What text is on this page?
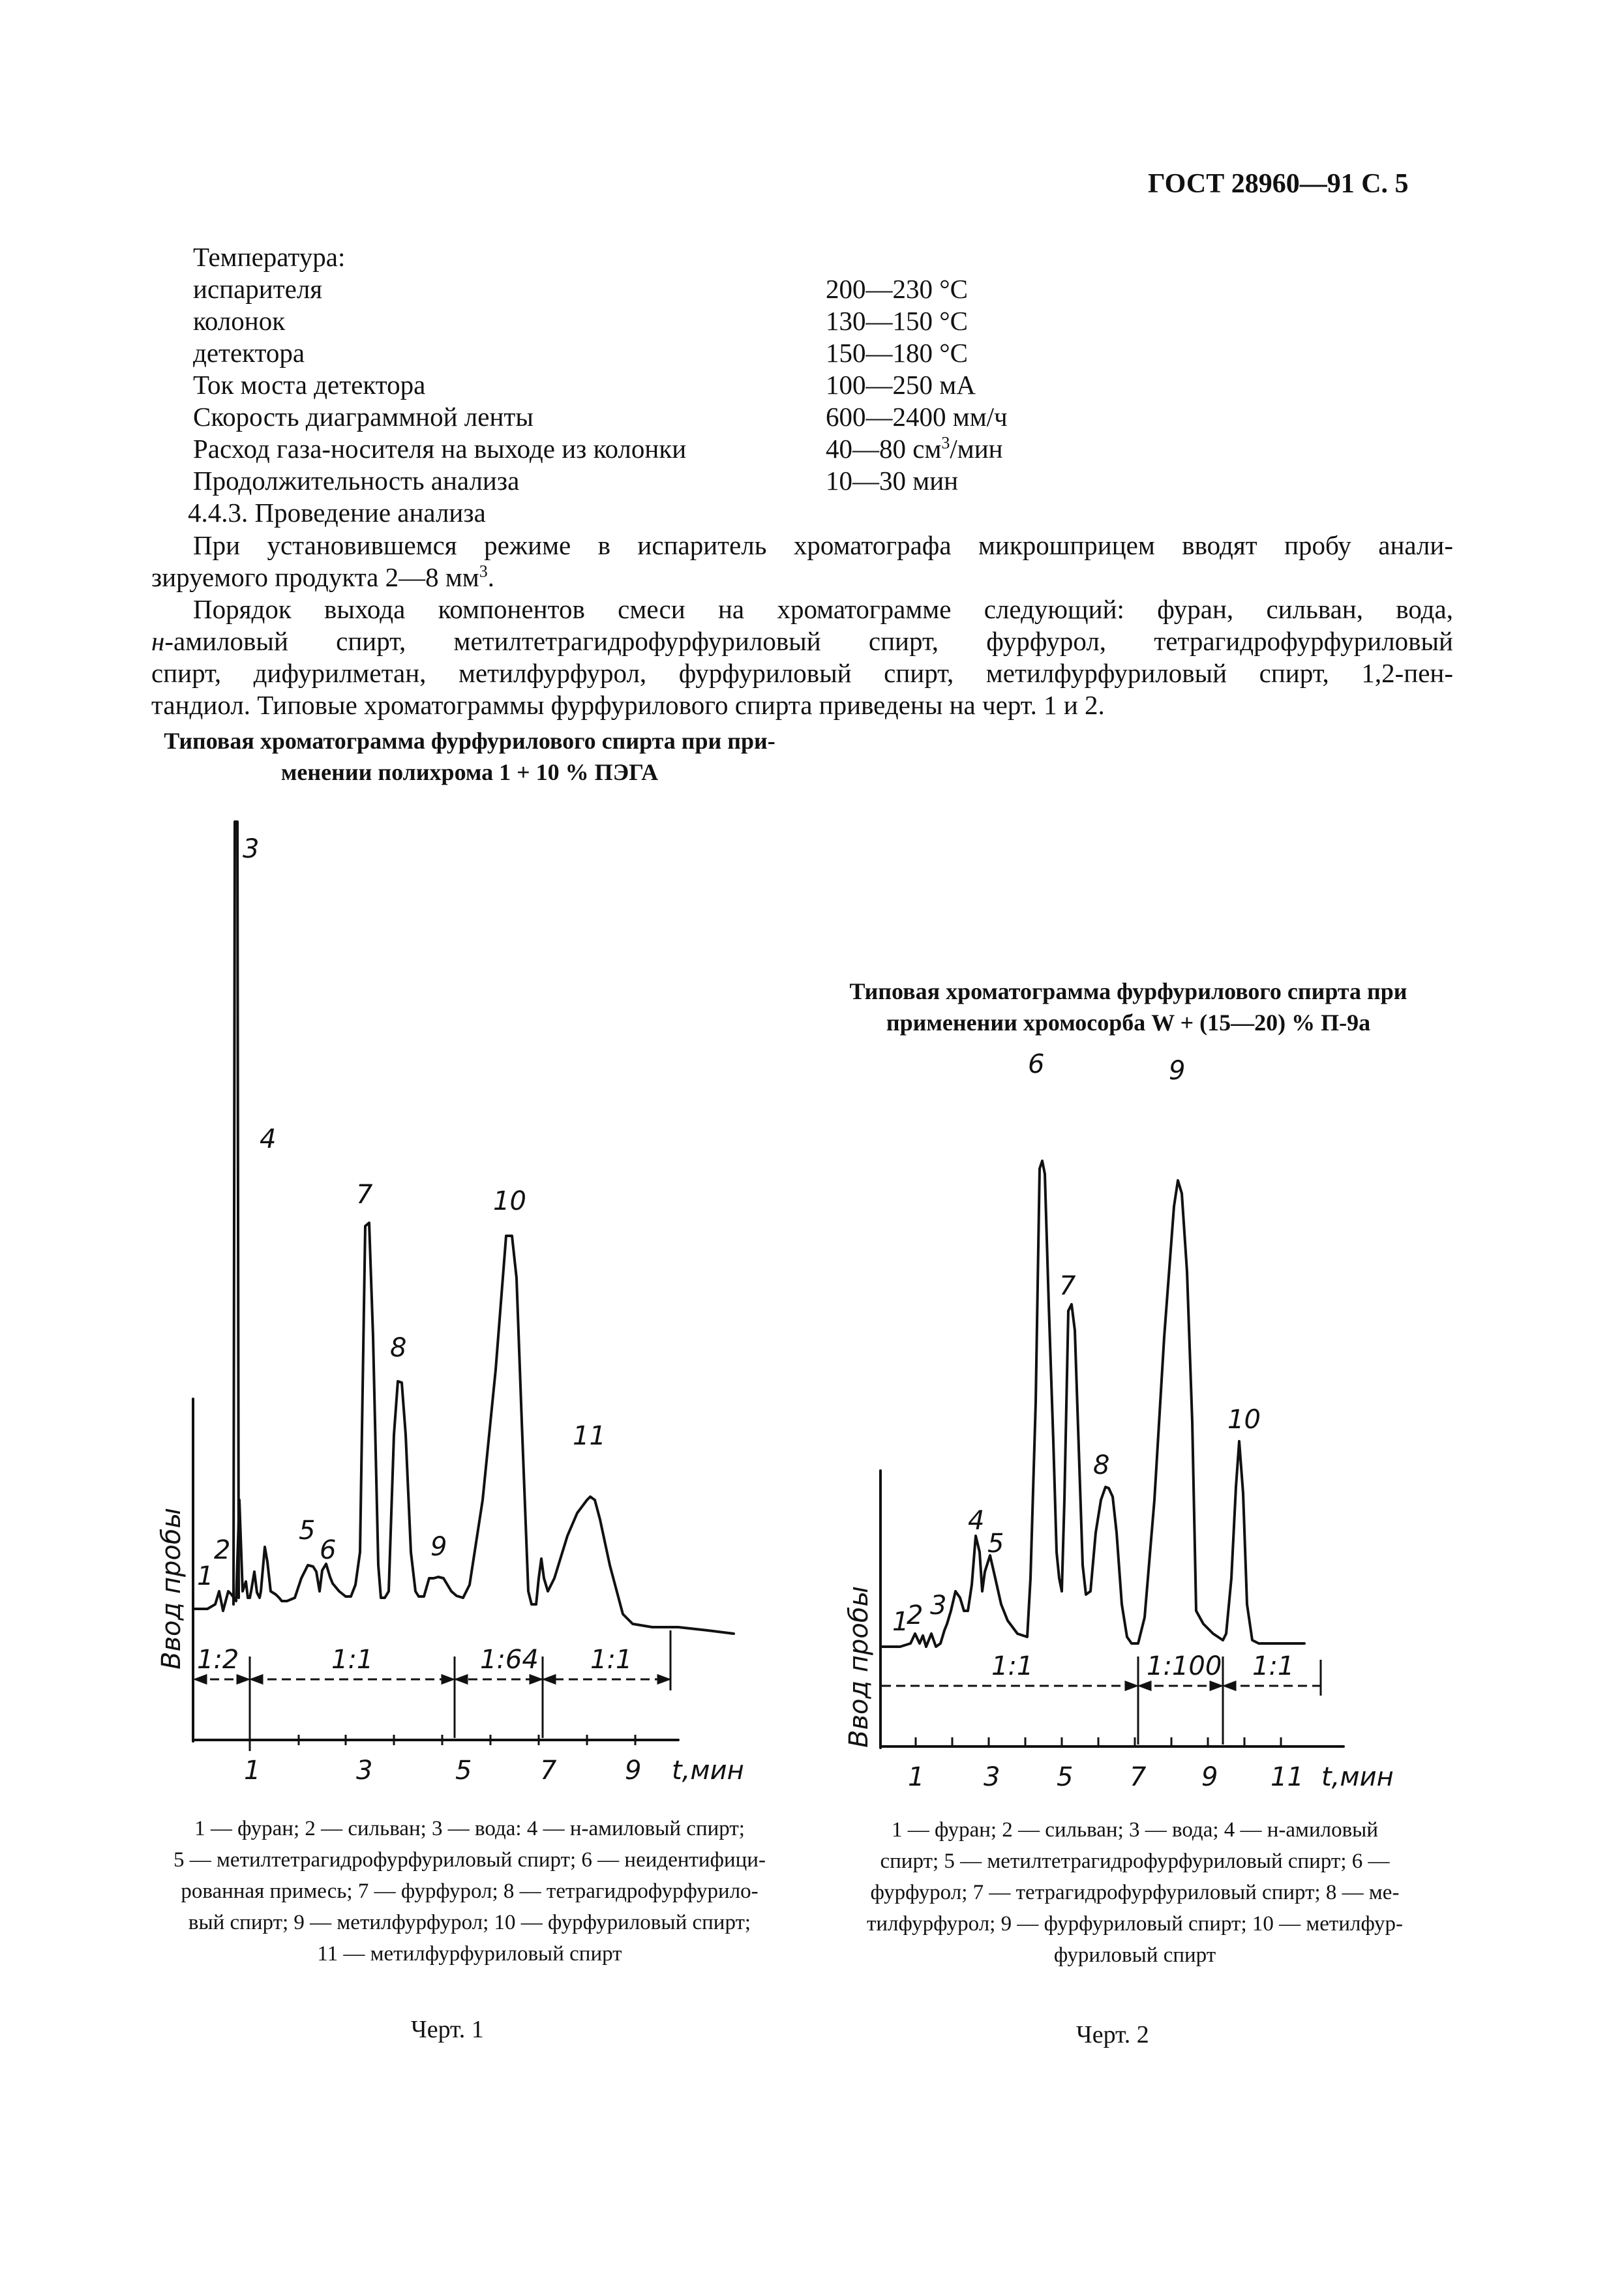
ГОСТ 28960—91 С. 5
Температура:
испарителя	200—230 °С
колонок	130—150 °С
детектора	150—180 °С
Ток моста детектора	100—250 мА
Скорость диаграммной ленты	600—2400 мм/ч
Расход газа-носителя на выходе из колонки	40—80 $см^3$/мин
Продолжительность анализа	10—30 мин
4.4.3. Проведение анализа
При установившемся режиме в испаритель хроматографа микрошприцем вводят пробу анали-
зируемого продукта 2—8 $мм^3$.
Порядок выхода компонентов смеси на хроматограмме следующий: фуран, сильван, вода,
н-амиловый спирт, метилтетрагидрофурфуриловый спирт, фурфурол, тетрагидрофурфуриловый
спирт, дифурилметан, метилфурфурол, фурфуриловый спирт, метилфурфуриловый спирт, 1,2-пен-
тандиол. Типовые хроматограммы фурфурилового спирта приведены на черт. 1 и 2.
Типовая хроматограмма фурфурилового спирта при при-
менении полихрома 1 + 10 % ПЭГА
Типовая хроматограмма фурфурилового спирта при
применении хромосорба W + (15—20) % П-9а
Ввод пробы
3
4
7
8
10
11
5
6	9
1
2
1:2	1:1	1:64 1:1
1	3	5	7	9 t,мин
Ввод пробы 1
2 3
4
5
6
7
8
9
10
1:1	1:100 1:1
1 3 5 7 9 11 t,мин
1 — фуран; 2 — сильван; 3 — вода: 4 — н-амиловый спирт;
5 — метилтетрагидрофурфуриловый спирт; 6 — неидентифици-
рованная примесь; 7 — фурфурол; 8 — тетрагидрофурфурило-
вый спирт; 9 — метилфурфурол; 10 — фурфуриловый спирт;
11 — метилфурфуриловый спирт
1 — фуран; 2 — сильван; 3 — вода; 4 — н-амиловый
спирт; 5 — метилтетрагидрофурфуриловый спирт; 6 —
фурфурол; 7 — тетрагидрофурфуриловый спирт; 8 — ме-
тилфурфурол; 9 — фурфуриловый спирт; 10 — метилфур-
фуриловый спирт
Черт. 1	Черт. 2
